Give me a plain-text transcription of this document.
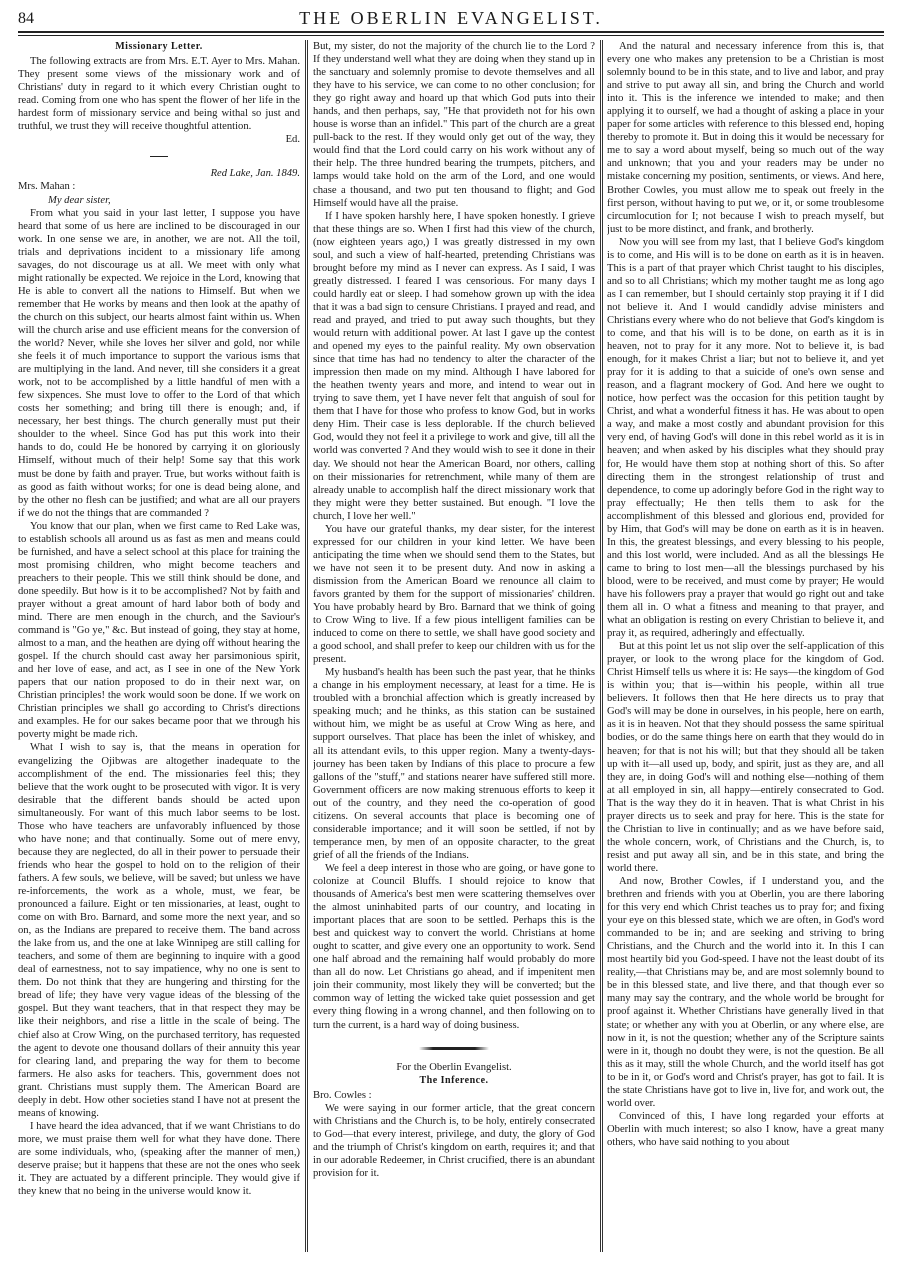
84	THE OBERLIN EVANGELIST.
Missionary Letter.

The following extracts are from Mrs. E.T. Ayer to Mrs. Mahan. They present some views of the missionary work and of Christians' duty in regard to it which every Christian ought to read. Coming from one who has spent the flower of her life in the hardest form of missionary service and being withal so just and truthful, we trust they will receive thoughtful attention.

Ed.

Red Lake, Jan. 1849.

Mrs. Mahan :

My dear sister,

From what you said in your last letter, I suppose you have heard that some of us here are inclined to be discouraged in our work. In one sense we are, in another, we are not. All the toil, trials and deprivations incident to a missionary life among savages, do not discourage us at all. We meet with only what might rationally be expected. We rejoice in the Lord, knowing that He is able to convert all the nations to Himself. But when we remember that He works by means and then look at the apathy of the church on this subject, our hearts almost faint within us. When will the church arise and use efficient means for the conversion of the world? Never, while she loves her silver and gold, nor while she feels it of much importance to support the various isms that are multiplying in the land. And never, till she considers it a great work, not to be accomplished by a little handful of men with a few sixpences. She must love to offer to the Lord of that which costs her something; and bring till there is enough; and, if necessary, her best things. The church generally must put their shoulder to the wheel. Since God has put this work into their hands to do, could He be honored by carrying it on gloriously Himself, without much of their help! Some say that this work must be done by faith and prayer. True, but works without faith is as good as faith without works; for one is dead being alone, and by the other no flesh can be justified; and what are all our prayers if we do not the things that are commanded ?

You know that our plan, when we first came to Red Lake was, to establish schools all around us as fast as men and means could be furnished, and have a select school at this place for training the most promising children, who might become teachers and preachers to their people. This we still think should be done, and done speedily. But how is it to be accomplished? Not by faith and prayer without a great amount of hard labor both of body and mind. There are men enough in the church, and the Saviour's command is "Go ye," &c. But instead of going, they stay at home, almost to a man, and the heathen are dying off without hearing the gospel. If the church should cast away her parsimonious spirit, and her love of ease, and act, as I see in one of the New York papers that our nation proposed to do in their next war, on Christian principles! the work would soon be done. If we work on Christian principles we shall go according to Christ's directions and examples. He for our sakes became poor that we through his poverty might be made rich.

What I wish to say is, that the means in operation for evangelizing the Ojibwas are altogether inadequate to the accomplishment of the end. The missionaries feel this; they believe that the work ought to be prosecuted with vigor. It is very desirable that the different bands should be acted upon simultaneously. For want of this much labor seems to be lost. Those who have teachers are unfavorably influenced by those who have none; and that continually. Some out of mere envy, because they are neglected, do all in their power to persuade their friends who hear the gospel to hold on to the religion of their fathers. A few souls, we believe, will be saved; but unless we have re-inforcements, the work as a whole, must, we fear, be pronounced a failure. Eight or ten missionaries, at least, ought to come on with Bro. Barnard, and some more the next year, and so on, as the Indians are prepared to receive them. The band across the lake from us, and the one at lake Winnipeg are still calling for teachers, and some of them are beginning to inquire with a good deal of earnestness, not to say impatience, why no one is sent to them. Do not think that they are hungering and thirsting for the bread of life; they have very vague ideas of the blessing of the gospel. But they want teachers, that in that respect they may be like their neighbors, and rise a little in the scale of being. The chief also at Crow Wing, on the purchased territory, has requested the agent to devote one thousand dollars of their annuity this year for clearing land, and preparing the way for them to become farmers. He also asks for teachers. This, government does not grant. Christians must supply them. The American Board are deeply in debt. How other societies stand I have not at present the means of knowing.

I have heard the idea advanced, that if we want Christians to do more, we must praise them well for what they have done. There are some individuals, who, (speaking after the manner of men,) deserve praise; but it happens that these are not the ones who seek it. They are actuated by a different principle. They would give if they knew that no being in the universe would know it.

But, my sister, do not the majority of the church lie to the Lord ? If they understand well what they are doing when they stand up in the sanctuary and solemnly promise to devote themselves and all they have to his service, we can come to no other conclusion; for they go right away and hoard up that which God puts into their hands, and then perhaps, say, "He that provideth not for his own house is worse than an infidel." This part of the church are a great pull-back to the rest. If they would only get out of the way, they would find that the Lord could carry on his work without any of their help. The three hundred bearing the trumpets, pitchers, and lamps would take hold on the arm of the Lord, and one would chase a thousand, and two put ten thousand to flight; and God Himself would have all the praise.

If I have spoken harshly here, I have spoken honestly. I grieve that these things are so. When I first had this view of the church, (now eighteen years ago,) I was greatly distressed in my own soul, and such a view of half-hearted, pretending Christians was brought before my mind as I never can express. As I said, I was greatly distressed. I feared I was censorious. For many days I could hardly eat or sleep. I had somehow grown up with the idea that it was a bad sign to censure Christians. I prayed and read, and read and prayed, and tried to put away such thoughts, but they would return with additional power. At last I gave up the contest and opened my eyes to the painful reality. My own observation since that time has had no tendency to alter the character of the impression then made on my mind. Although I have labored for the heathen twenty years and more, and intend to wear out in trying to save them, yet I have never felt that anguish of soul for them that I have for those who profess to know God, but in works deny Him. Their case is less deplorable. If the church believed God, would they not feel it a privilege to work and give, till all the world was converted ? And they would wish to see it done in their day. We should not hear the American Board, nor others, calling on their missionaries for retrenchment, while many of them are already unable to accomplish half the direct missionary work that they might were they better sustained. But enough. "I love the church, I love her well."

You have our grateful thanks, my dear sister, for the interest expressed for our children in your kind letter. We have been anticipating the time when we should send them to the States, but we have not seen it to be present duty. And now in asking a dismission from the American Board we renounce all claim to favors granted by them for the support of missionaries' children. You have probably heard by Bro. Barnard that we think of going to Crow Wing to live. If a few pious intelligent families can be induced to come on there to settle, we shall have good society and a good school, and shall prefer to keep our children with us for the present.

My husband's health has been such the past year, that he thinks a change in his employment necessary, at least for a time. He is troubled with a bronchial affection which is greatly increased by speaking much; and he thinks, as this station can be sustained without him, we might be as useful at Crow Wing as here, and support ourselves. That place has been the inlet of whiskey, and all its attendant evils, to this upper region. Many a twenty-days-journey has been taken by Indians of this place to procure a few gallons of the "stuff," and stations nearer have suffered still more. Government officers are now making strenuous efforts to keep it out of the country, and they need the co-operation of good citizens. On several accounts that place is becoming one of considerable importance; and it will soon be settled, if not by temperance men, by men of an opposite character, to the great grief of all the friends of the Indians.

We feel a deep interest in those who are going, or have gone to colonize at Council Bluffs. I should rejoice to know that thousands of America's best men were scattering themselves over the almost uninhabited parts of our country, and locating in important places that are soon to be settled. Perhaps this is the best and quickest way to convert the world. Christians at home ought to scatter, and give every one an opportunity to work. Send one half abroad and the remaining half would probably do more than all do now. Let Christians go ahead, and if impenitent men join their community, most likely they will be converted; but the common way of letting the wicked take quiet possession and get every thing flowing in a wrong channel, and then following on to turn the current, is a hard way of doing business.

For the Oberlin Evangelist.

The Inference.

Bro. Cowles :

We were saying in our former article, that the great concern with Christians and the Church is, to be holy, entirely consecrated to God—that every interest, privilege, and duty, the glory of God and the triumph of Christ's kingdom on earth, requires it; and that in our adorable Redeemer, in Christ crucified, there is an abundant provision for it.

And the natural and necessary inference from this is, that every one who makes any pretension to be a Christian is most solemnly bound to be in this state, and to live and labor, and pray and strive to put away all sin, and bring the Church and world into it. This is the inference we intended to make; and then applying it to ourself, we had a thought of asking a place in your paper for some articles with reference to this blessed end, hoping thereby to promote it. But in doing this it would be necessary for me to say a word about myself, being so much out of the way and unknown; that you and your readers may be under no mistake concerning my position, sentiments, or views. And here, Brother Cowles, you must allow me to speak out freely in the first person, without having to put we, or it, or some troublesome circumlocution for I; not because I wish to preach myself, but just to be more distinct, and frank, and brotherly.

Now you will see from my last, that I believe God's kingdom is to come, and His will is to be done on earth as it is in heaven. This is a part of that prayer which Christ taught to his disciples, and so to all Christians; which my mother taught me as long ago as I can remember, but I should certainly stop praying it if I did not believe it. And I would candidly advise ministers and Christians every where who do not believe that God's kingdom is to come, and that his will is to be done, on earth as it is in heaven, not to pray for it any more. Not to believe it, is bad enough, for it makes Christ a liar; but not to believe it, and yet pray for it is adding to that a suicide of one's own sense and reason, and a flagrant mockery of God. And here we ought to notice, how perfect was the occasion for this petition taught by Christ, and what a wonderful fitness it has. He was about to open a way, and make a most costly and abundant provision for this very end, of having God's will done in this rebel world as it is in heaven; and when asked by his disciples what they should pray for, He would have them stop at nothing short of this. So after directing them in the strongest relationship of trust and dependence, to come up adoringly before God in the right way to pray effectually; He then tells them to ask for the accomplishment of this blessed and glorious end, provided for by Him, that God's will may be done on earth as it is in heaven. In this, the greatest blessings, and every blessing to his people, and this lost world, were included. And as all the blessings He came to bring to lost men—all the blessings purchased by his blood, were to be received, and must come by prayer; He would have his followers pray a prayer that would go right out and take them all in. O what a fitness and meaning to that prayer, and what an obligation is resting on every Christian to believe it, and pray it, as required, adheringly and effectually.

But at this point let us not slip over the self-application of this prayer, or look to the wrong place for the kingdom of God. Christ Himself tells us where it is: He says—the kingdom of God is within you; that is—within his people, within all true believers. It follows then that He here directs us to pray that God's will may be done in ourselves, in his people, here on earth, as it is in heaven. Not that they should possess the same spiritual bodies, or do the same things here on earth that they would do in heaven; for that is not his will; but that they should all be taken up with it—all used up, body, and spirit, just as they are, and all they are, in doing God's will and nothing else—nothing of them at all employed in sin, all happy—entirely consecrated to God. That is the way they do it in heaven. That is what Christ in his prayer directs us to seek and pray for here. This is the state for the Christian to live in continually; and as we have before said, the whole concern, work, of Christians and the Church, is, to resist and put away all sin, and be in this state, and bring the world there.

And now, Brother Cowles, if I understand you, and the brethren and friends with you at Oberlin, you are there laboring for this very end which Christ teaches us to pray for; and fixing your eye on this blessed state, which we are often, in God's word commanded to be in; and are seeking and striving to bring Christians, and the Church and the world into it. In this I can most heartily bid you God-speed. I have not the least doubt of its reality,—that Christians may be, and are most solemnly bound to be in this blessed state, and live there, and that though ever so many may say the contrary, and the whole world be brought for proof against it. Whether Christians have generally lived in that state; or whether any with you at Oberlin, or any where else, are now in it, is not the question; whether any of the Scripture saints were in it, though no doubt they were, is not the question. Be all this as it may, still the whole Church, and the world itself has got to be in it, or God's word and Christ's prayer, has got to fail. It is the state Christians have got to live in, live for, and work out, the world over.

Convinced of this, I have long regarded your efforts at Oberlin with much interest; so also I know, have a great many others, who have said nothing to you about
